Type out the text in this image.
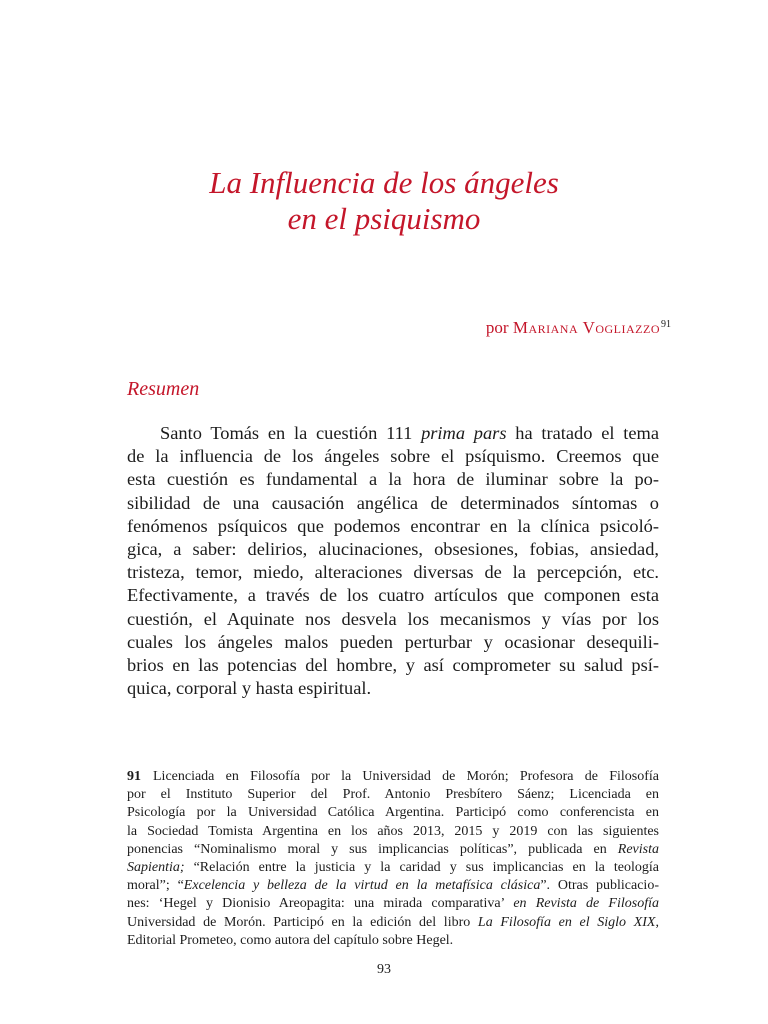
La Influencia de los ángeles
en el psiquismo
por Mariana Vogliazzo$^{91}$
Resumen
Santo Tomás en la cuestión 111 prima pars ha tratado el tema
de la influencia de los ángeles sobre el psíquismo. Creemos que
esta cuestión es fundamental a la hora de iluminar sobre la po-
sibilidad de una causación angélica de determinados síntomas o
fenómenos psíquicos que podemos encontrar en la clínica psicoló-
gica, a saber: delirios, alucinaciones, obsesiones, fobias, ansiedad,
tristeza, temor, miedo, alteraciones diversas de la percepción, etc.
Efectivamente, a través de los cuatro artículos que componen esta
cuestión, el Aquinate nos desvela los mecanismos y vías por los
cuales los ángeles malos pueden perturbar y ocasionar desequili-
brios en las potencias del hombre, y así comprometer su salud psí-
quica, corporal y hasta espiritual.
91 Licenciada en Filosofía por la Universidad de Morón; Profesora de Filosofía
por el Instituto Superior del Prof. Antonio Presbítero Sáenz; Licenciada en
Psicología por la Universidad Católica Argentina. Participó como conferencista en
la Sociedad Tomista Argentina en los años 2013, 2015 y 2019 con las siguientes
ponencias “Nominalismo moral y sus implicancias políticas”, publicada en Revista
Sapientia; “Relación entre la justicia y la caridad y sus implicancias en la teología
moral”; “Excelencia y belleza de la virtud en la metafísica clásica”. Otras publicacio-
nes: ‘Hegel y Dionisio Areopagita: una mirada comparativa’ en Revista de Filosofía
Universidad de Morón. Participó en la edición del libro La Filosofía en el Siglo XIX,
Editorial Prometeo, como autora del capítulo sobre Hegel.
93
